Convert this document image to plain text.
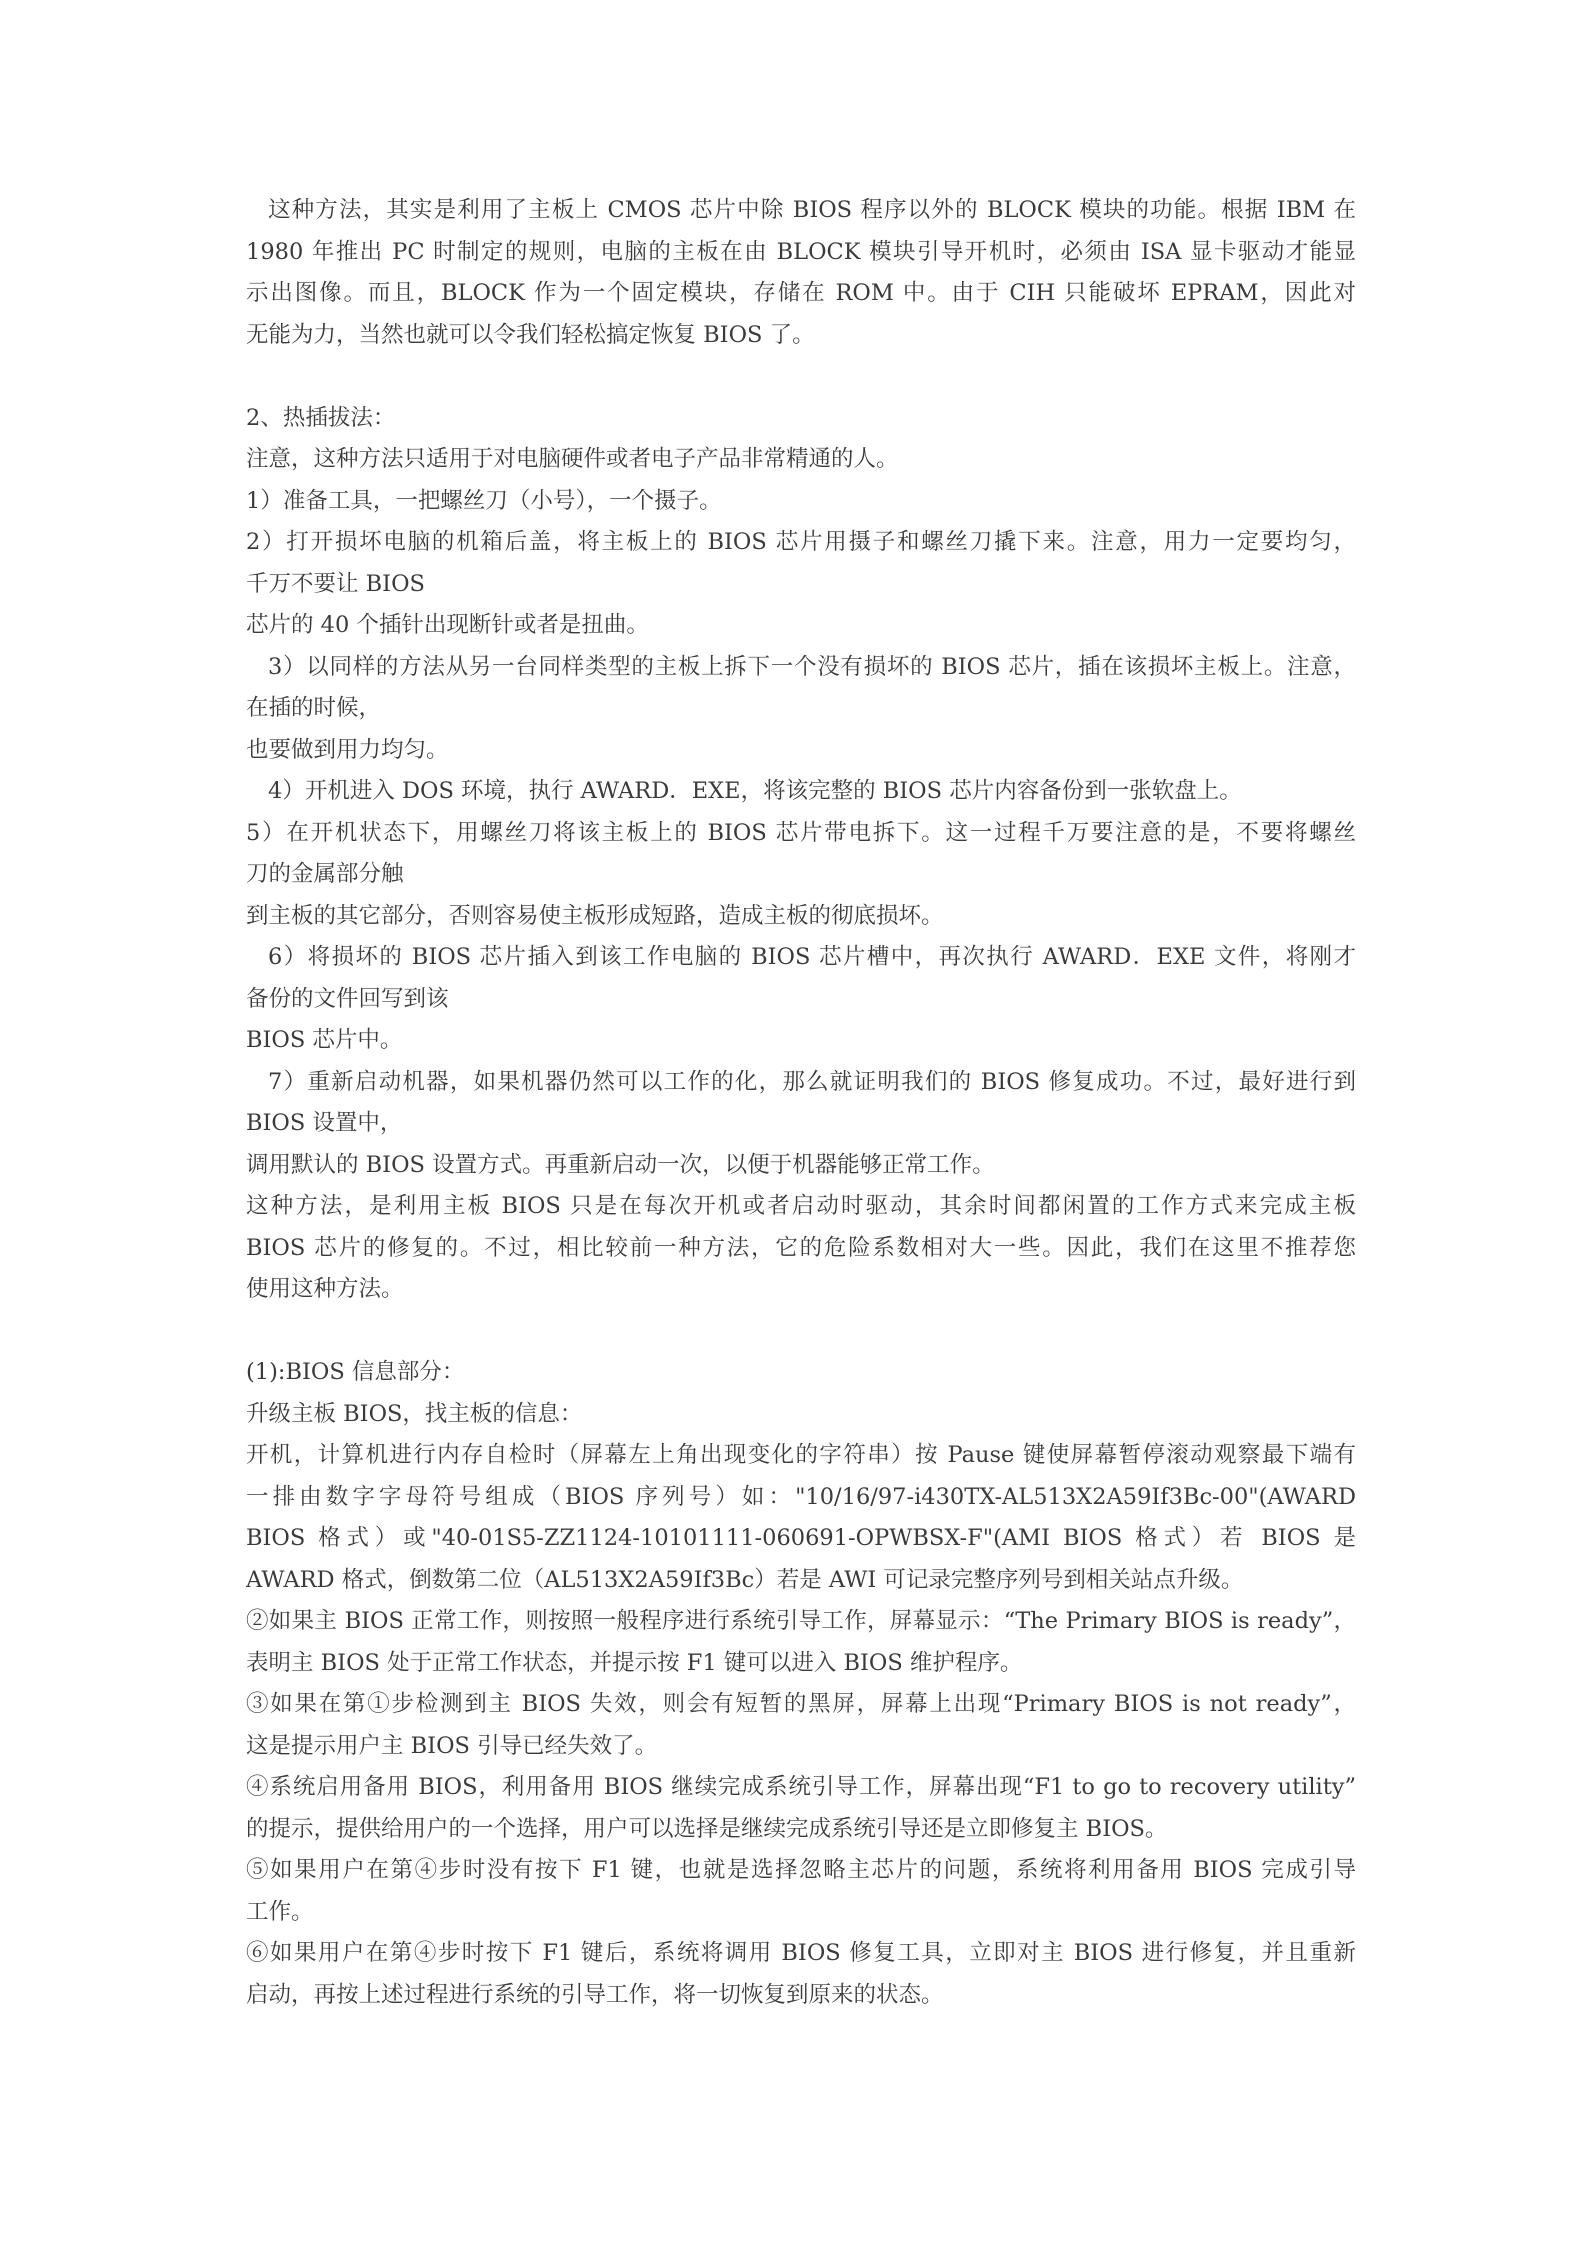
这种方法，其实是利用了主板上 CMOS 芯片中除 BIOS 程序以外的 BLOCK 模块的功能。根据 IBM 在
1980 年推出 PC 时制定的规则，电脑的主板在由 BLOCK 模块引导开机时，必须由 ISA 显卡驱动才能显
示出图像。而且，BLOCK 作为一个固定模块，存储在 ROM 中。由于 CIH 只能破坏 EPRAM，因此对
无能为力，当然也就可以令我们轻松搞定恢复 BIOS 了。
2、热插拔法：
注意，这种方法只适用于对电脑硬件或者电子产品非常精通的人。
1）准备工具，一把螺丝刀（小号），一个摄子。
2）打开损坏电脑的机箱后盖，将主板上的 BIOS 芯片用摄子和螺丝刀撬下来。注意，用力一定要均匀，
千万不要让 BIOS
芯片的 40 个插针出现断针或者是扭曲。
3）以同样的方法从另一台同样类型的主板上拆下一个没有损坏的 BIOS 芯片，插在该损坏主板上。注意，
在插的时候，
也要做到用力均匀。
4）开机进入 DOS 环境，执行 AWARD．EXE，将该完整的 BIOS 芯片内容备份到一张软盘上。
5）在开机状态下，用螺丝刀将该主板上的 BIOS 芯片带电拆下。这一过程千万要注意的是，不要将螺丝
刀的金属部分触
到主板的其它部分，否则容易使主板形成短路，造成主板的彻底损坏。
6）将损坏的 BIOS 芯片插入到该工作电脑的 BIOS 芯片槽中，再次执行 AWARD．EXE 文件，将刚才
备份的文件回写到该
BIOS 芯片中。
7）重新启动机器，如果机器仍然可以工作的化，那么就证明我们的 BIOS 修复成功。不过，最好进行到
BIOS 设置中，
调用默认的 BIOS 设置方式。再重新启动一次，以便于机器能够正常工作。
这种方法，是利用主板 BIOS 只是在每次开机或者启动时驱动，其余时间都闲置的工作方式来完成主板
BIOS 芯片的修复的。不过，相比较前一种方法，它的危险系数相对大一些。因此，我们在这里不推荐您
使用这种方法。
(1):BIOS 信息部分：
升级主板 BIOS，找主板的信息：
开机，计算机进行内存自检时（屏幕左上角出现变化的字符串）按 Pause 键使屏幕暂停滚动观察最下端有
一排由数字字母符号组成（BIOS 序列号）如："10/16/97-i430TX-AL513X2A59If3Bc-00"(AWARD
BIOS 格式）或"40-01S5-ZZ1124-10101111-060691-OPWBSX-F"(AMI BIOS 格式）若 BIOS 是
AWARD 格式，倒数第二位（AL513X2A59If3Bc）若是 AWI 可记录完整序列号到相关站点升级。
②如果主 BIOS 正常工作，则按照一般程序进行系统引导工作，屏幕显示：“The Primary BIOS is ready”，
表明主 BIOS 处于正常工作状态，并提示按 F1 键可以进入 BIOS 维护程序。
③如果在第①步检测到主 BIOS 失效，则会有短暂的黑屏，屏幕上出现“Primary BIOS is not ready”，
这是提示用户主 BIOS 引导已经失效了。
④系统启用备用 BIOS，利用备用 BIOS 继续完成系统引导工作，屏幕出现“F1 to go to recovery utility”
的提示，提供给用户的一个选择，用户可以选择是继续完成系统引导还是立即修复主 BIOS。
⑤如果用户在第④步时没有按下 F1 键，也就是选择忽略主芯片的问题，系统将利用备用 BIOS 完成引导
工作。
⑥如果用户在第④步时按下 F1 键后，系统将调用 BIOS 修复工具，立即对主 BIOS 进行修复，并且重新
启动，再按上述过程进行系统的引导工作，将一切恢复到原来的状态。
